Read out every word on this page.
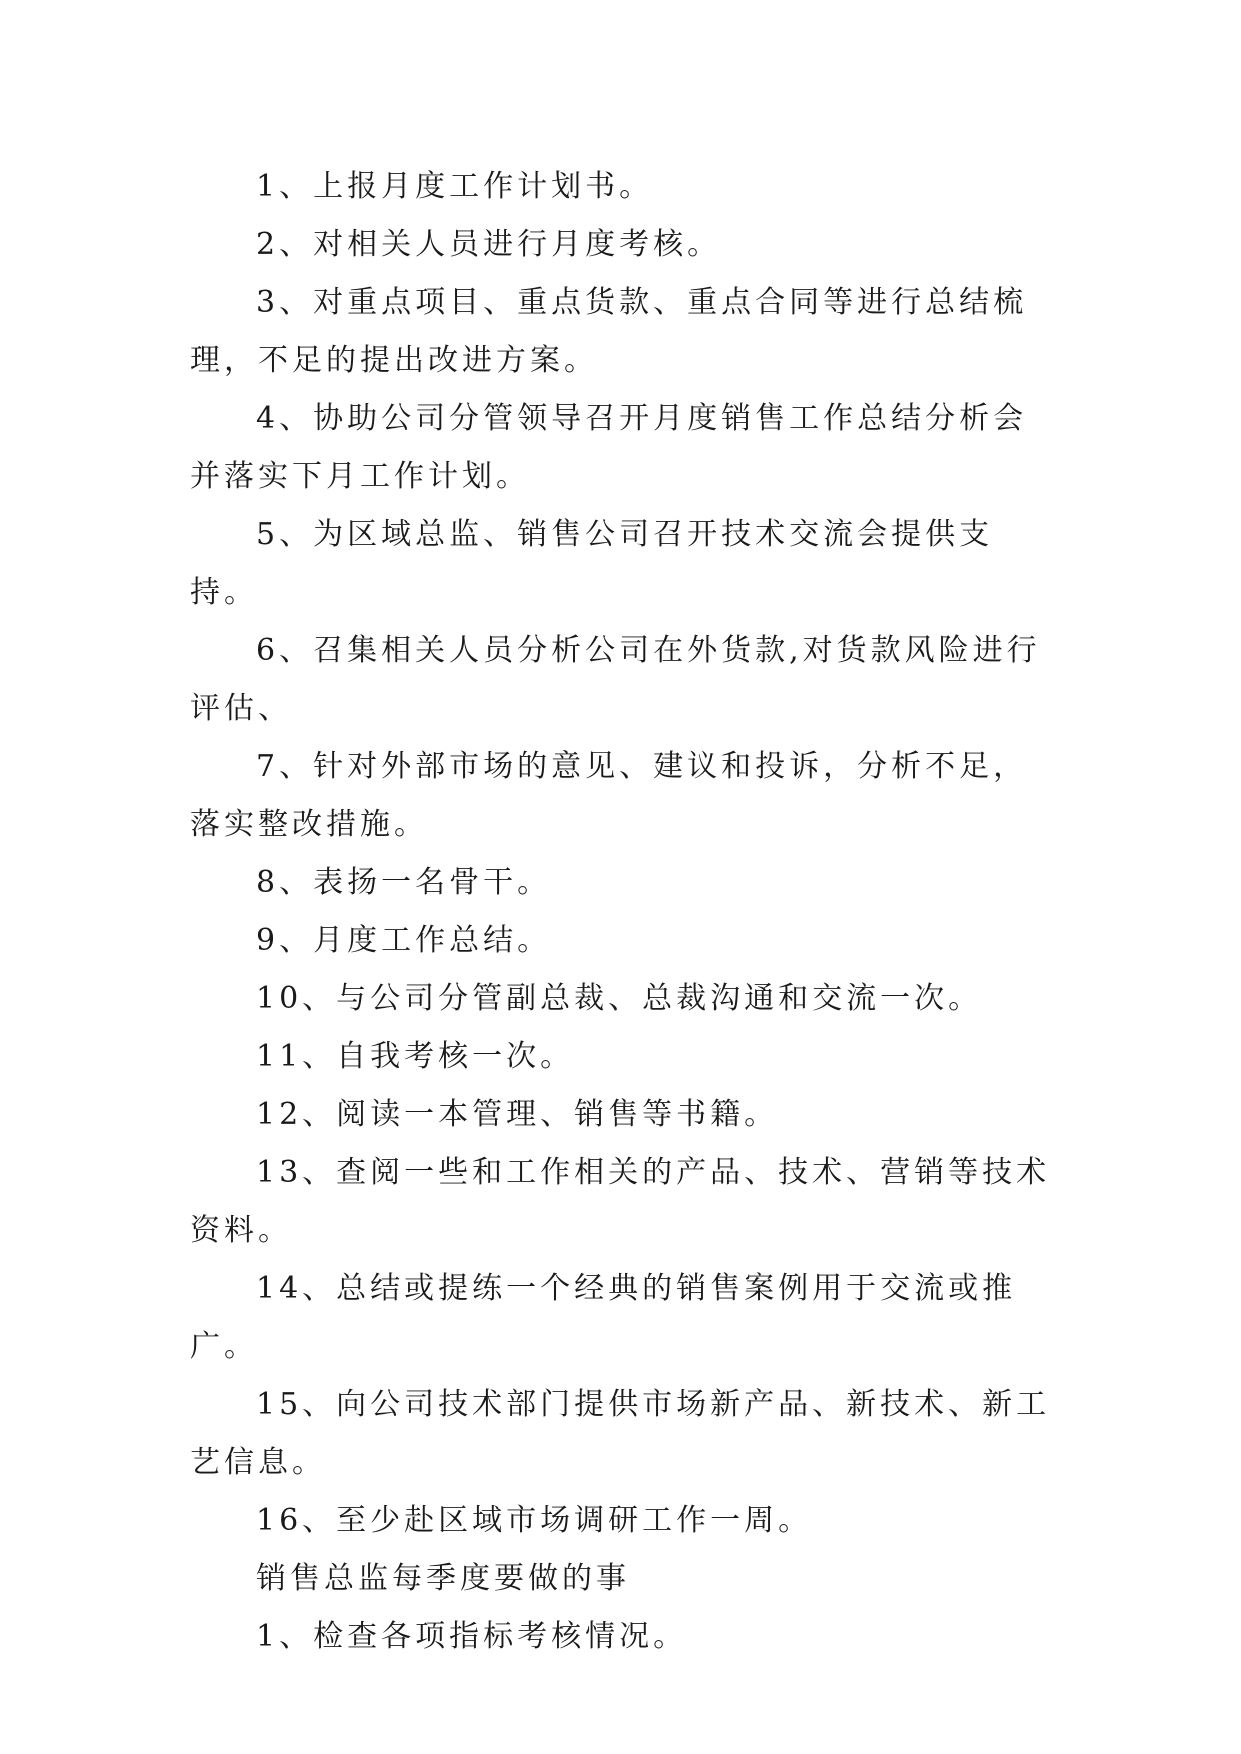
1、上报月度工作计划书。

2、对相关人员进行月度考核。

3、对重点项目、重点货款、重点合同等进行总结梳理，不足的提出改进方案。

4、协助公司分管领导召开月度销售工作总结分析会并落实下月工作计划。

5、为区域总监、销售公司召开技术交流会提供支持。

6、召集相关人员分析公司在外货款,对货款风险进行评估、

7、针对外部市场的意见、建议和投诉，分析不足，落实整改措施。

8、表扬一名骨干。

9、月度工作总结。

10、与公司分管副总裁、总裁沟通和交流一次。

11、自我考核一次。

12、阅读一本管理、销售等书籍。

13、查阅一些和工作相关的产品、技术、营销等技术资料。

14、总结或提练一个经典的销售案例用于交流或推广。

15、向公司技术部门提供市场新产品、新技术、新工艺信息。

16、至少赴区域市场调研工作一周。

销售总监每季度要做的事

1、检查各项指标考核情况。
